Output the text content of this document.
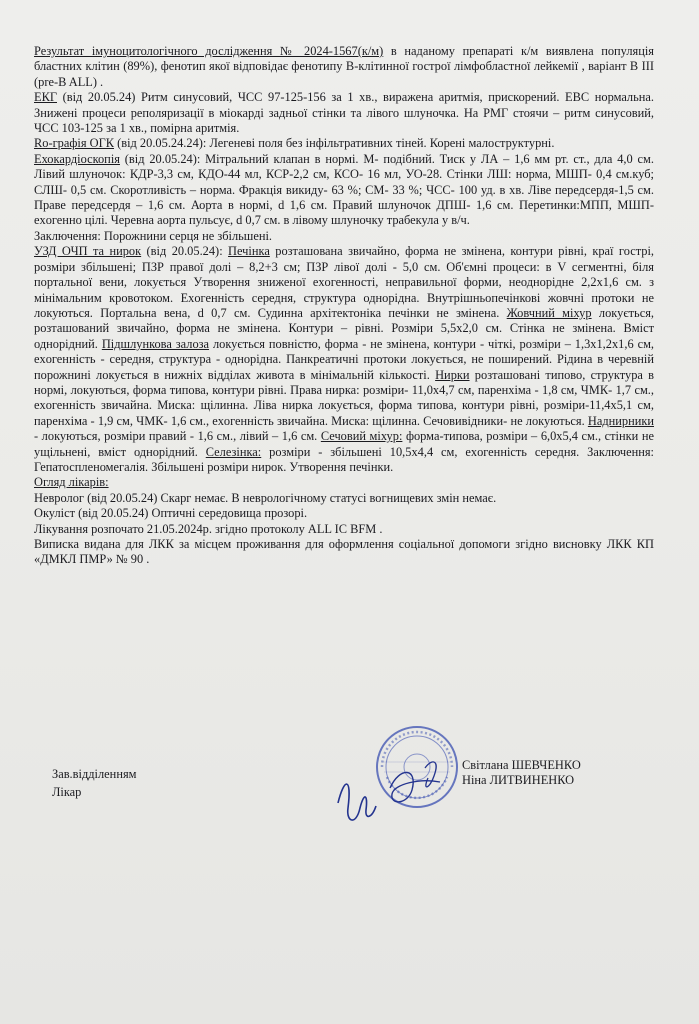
Результат імуноцитологічного дослідження № 2024-1567(к/м) в наданому препараті к/м виявлена популяція бластних клітин (89%), фенотип якої відповідає фенотипу В-клітинної гострої лімфобластної лейкемії , варіант В ІІІ (pre-B ALL) .

ЕКГ (від 20.05.24) Ритм синусовий, ЧСС 97-125-156 за 1 хв., виражена аритмія, прискорений. ЕВС нормальна. Знижені процеси реполяризації в міокарді задньої стінки та лівого шлуночка. На РМГ стоячи – ритм синусовий, ЧСС 103-125 за 1 хв., помірна аритмія.

Rо-графія ОГК (від 20.05.24.24): Легеневі поля без інфільтративних тіней. Корені малоструктурні.

Ехокардіоскопія (від 20.05.24): Мітральний клапан в нормі. М- подібний. Тиск у ЛА – 1,6 мм рт. ст., дла 4,0 см. Лівий шлуночок: КДР-3,3 см, КДО-44 мл, КСР-2,2 см, КСО- 16 мл, УО-28. Стінки ЛШ: норма, МШП- 0,4 см.куб; СЛШ- 0,5 см. Скоротливість – норма. Фракція викиду- 63 %; СМ- 33 %; ЧСС- 100 уд. в хв. Ліве передсердя-1,5 см. Праве передсердя – 1,6 см. Аорта в нормі, d 1,6 см. Правий шлуночок ДПШ- 1,6 см. Перетинки:МПП, МШП- exогенно цілі. Черевна аорта пульсує, d 0,7 см. в лівому шлуночку трабекула у в/ч.

Заключення: Порожнини серця не збільшені.

УЗД ОЧП та нирок (від 20.05.24): Печінка розташована звичайно, форма не змінена, контури рівні, краї гострі, розміри збільшені; ПЗР правої долі – 8,2+3 см; ПЗР лівої долі - 5,0 см. Об'ємні процеси: в V сегментні, біля портальної вени, локується Утворення зниженої exогенності, неправильної форми, неоднорідне 2,2х1,6 см. з мінімальним кровотоком. Exогенність середня, структура однорідна. Внутрішньопечінкові жовчні протоки не локуються. Портальна вена, d 0,7 см. Судинна архітектоніка печінки не змінена. Жовчний міхур локується, розташований звичайно, форма не змінена. Контури – рівні. Розміри 5,5х2,0 см. Стінка не змінена. Вміст однорідний. Підшлункова залоза локується повністю, форма - не змінена, контури - чіткі, розміри – 1,3х1,2х1,6 см, exогенність - середня, структура - однорідна. Панкреатичні протоки локується, не поширений. Рідина в черевній порожнині локується в нижніх відділах живота в мінімальній кількості. Нирки розташовані типово, структура в нормі, локуються, форма типова, контури рівні. Права нирка: розміри- 11,0х4,7 см, паренхіма - 1,8 см, ЧМК- 1,7 см., exогенність звичайна. Миска: щілинна. Ліва нирка локується, форма типова, контури рівні, розміри-11,4х5,1 см, паренхіма - 1,9 см, ЧМК- 1,6 см., exогенність звичайна. Миска: щілинна. Сечовивідники- не локуються. Наднирники - локуються, розміри правий - 1,6 см., лівий – 1,6 см. Сечовий міхур: форма-типова, розміри – 6,0х5,4 см., стінки не ущільнені, вміст однорідний. Селезінка: розміри - збільшені 10,5х4,4 см, exогенність середня. Заключення: Гепатоспленомегалія. Збільшені розміри нирок. Утворення печінки.

Огляд лікарів:

Невролог (від 20.05.24) Скарг немає. В неврологічному статусі вогнищевих змін немає.

Окуліст (від 20.05.24) Оптичні середовища прозорі.

Лікування розпочато 21.05.2024р. згідно протоколу ALL IC BFM .

Виписка видана для ЛКК за місцем проживання для оформлення соціальної допомоги згідно висновку ЛКК КП «ДМКЛ ПМР» № 90 .

Зав.відділенням
Лікар
Світлана ШЕВЧЕНКО
Ніна ЛИТВИНЕНКО
